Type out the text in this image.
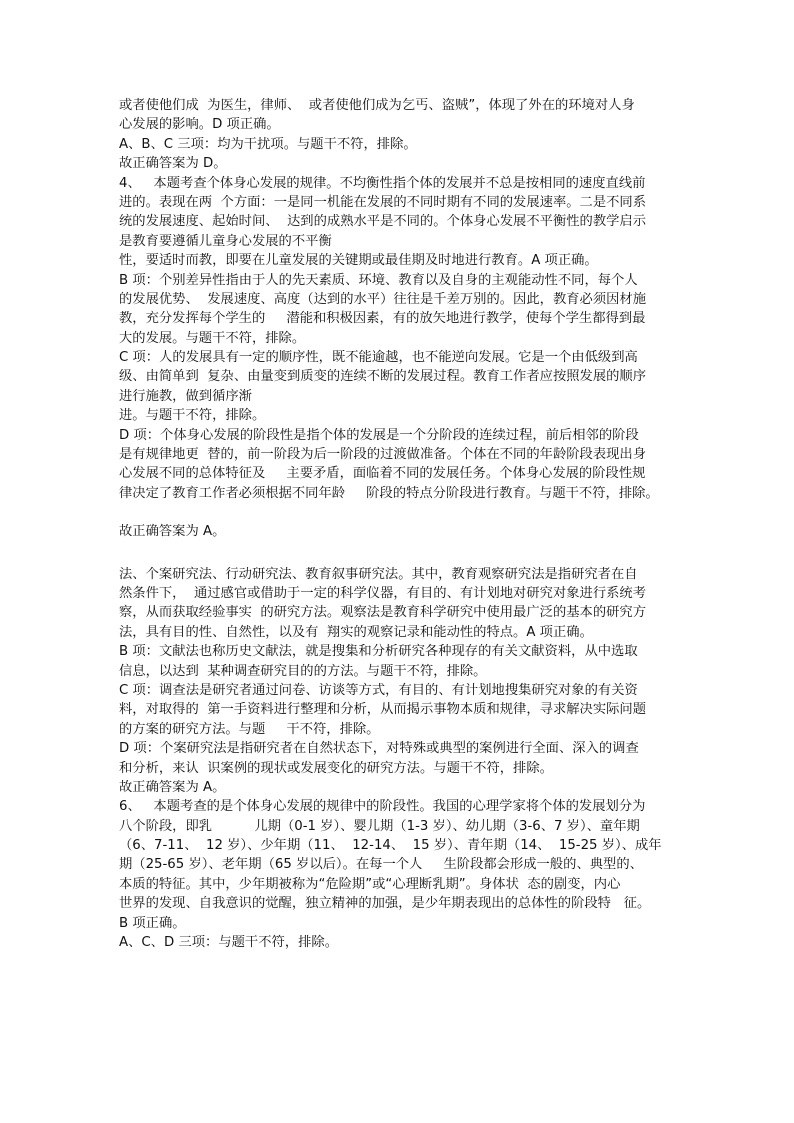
或者使他们成  为医生，律师、  或者使他们成为乞丐、盗贼”，体现了外在的环境对人身
心发展的影响。D 项正确。
A、B、C 三项：均为干扰项。与题干不符，排除。
故正确答案为 D。
4、   本题考查个体身心发展的规律。不均衡性指个体的发展并不总是按相同的速度直线前
进的。表现在两  个方面：一是同一机能在发展的不同时期有不同的发展速率。二是不同系
统的发展速度、起始时间、  达到的成熟水平是不同的。个体身心发展不平衡性的教学启示
是教育要遵循儿童身心发展的不平衡
性，要适时而教，即要在儿童发展的关键期或最佳期及时地进行教育。A 项正确。
B 项：个别差异性指由于人的先天素质、环境、教育以及自身的主观能动性不同，每个人
的发展优势、  发展速度、高度（达到的水平）往往是千差万别的。因此，教育必须因材施
教，充分发挥每个学生的     潜能和积极因素，有的放矢地进行教学，使每个学生都得到最
大的发展。与题干不符，排除。
C 项：人的发展具有一定的顺序性，既不能逾越，也不能逆向发展。它是一个由低级到高
级、由简单到  复杂、由量变到质变的连续不断的发展过程。教育工作者应按照发展的顺序
进行施教，做到循序渐
进。与题干不符，排除。
D 项：个体身心发展的阶段性是指个体的发展是一个分阶段的连续过程，前后相邻的阶段
是有规律地更  替的，前一阶段为后一阶段的过渡做准备。个体在不同的年龄阶段表现出身
心发展不同的总体特征及     主要矛盾，面临着不同的发展任务。个体身心发展的阶段性规
律决定了教育工作者必须根据不同年龄     阶段的特点分阶段进行教育。与题干不符，排除。
故正确答案为 A。
法、个案研究法、行动研究法、教育叙事研究法。其中，教育观察研究法是指研究者在自
然条件下，  通过感官或借助于一定的科学仪器，有目的、有计划地对研究对象进行系统考
察，从而获取经验事实  的研究方法。观察法是教育科学研究中使用最广泛的基本的研究方
法，具有目的性、自然性，以及有  翔实的观察记录和能动性的特点。A 项正确。
B 项：文献法也称历史文献法，就是搜集和分析研究各种现存的有关文献资料，从中选取
信息，以达到  某种调查研究目的的方法。与题干不符，排除。
C 项：调查法是研究者通过问卷、访谈等方式，有目的、有计划地搜集研究对象的有关资
料，对取得的  第一手资料进行整理和分析，从而揭示事物本质和规律，寻求解决实际问题
的方案的研究方法。与题     干不符，排除。
D 项：个案研究法是指研究者在自然状态下，对特殊或典型的案例进行全面、深入的调查
和分析，来认  识案例的现状或发展变化的研究方法。与题干不符，排除。
故正确答案为 A。
6、   本题考查的是个体身心发展的规律中的阶段性。我国的心理学家将个体的发展划分为
八个阶段，即乳          儿期（0-1 岁）、婴儿期（1-3 岁）、幼儿期（3-6、7 岁）、童年期
（6、7-11、  12 岁）、少年期（11、  12-14、  15 岁）、青年期（14、  15-25 岁）、成年
期（25-65 岁）、老年期（65 岁以后）。在每一个人     生阶段都会形成一般的、典型的、
本质的特征。其中，少年期被称为“危险期”或“心理断乳期”。身体状  态的剧变，内心
世界的发现、自我意识的觉醒，独立精神的加强，是少年期表现出的总体性的阶段特   征。
B 项正确。
A、C、D 三项：与题干不符，排除。
